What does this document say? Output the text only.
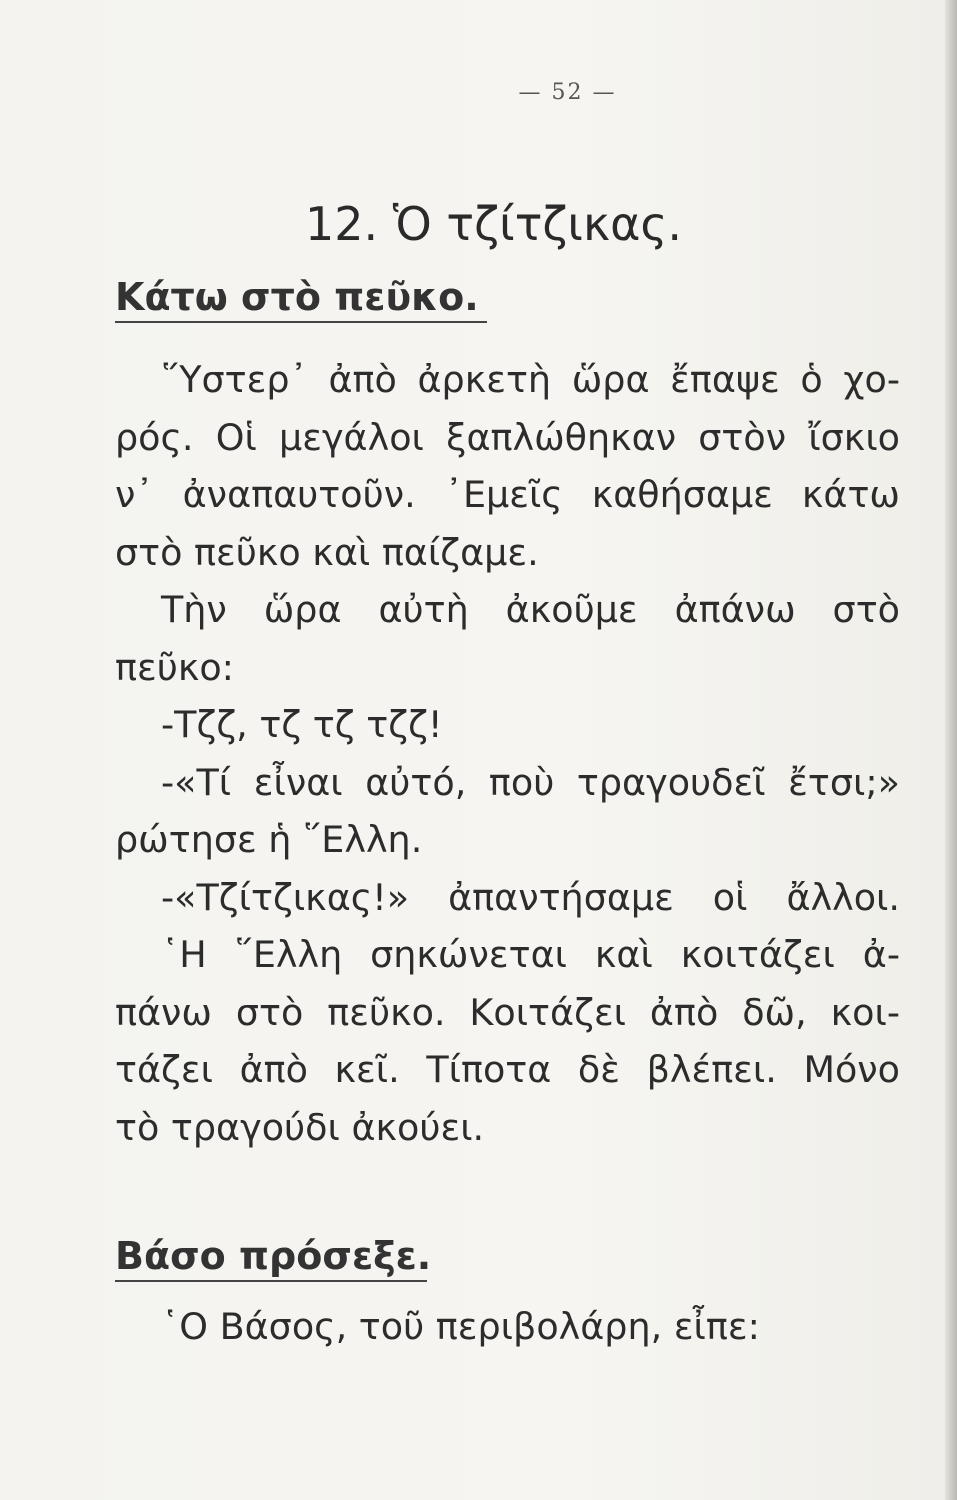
— 52 —
12. Ὁ τζίτζικας.
Κάτω στὸ πεῦκο.
῞Υστερ᾿ ἀπὸ ἀρκετὴ ὥρα ἔπαψε ὁ χο-
ρός. Οἱ μεγάλοι ξαπλώθηκαν στὸν ἴσκιο
ν᾿ ἀναπαυτοῦν. ᾿Εμεῖς καθήσαμε κάτω
στὸ πεῦκο καὶ παίζαμε.
Τὴν ὥρα αὐτὴ ἀκοῦμε ἀπάνω στὸ
πεῦκο:
-Τζζ, τζ τζ τζζ!
-«Τί εἶναι αὐτό, ποὺ τραγουδεῖ ἔτσι;»
ρώτησε ἡ ῞Ελλη.
-«Τζίτζικας!» ἀπαντήσαμε οἱ ἄλλοι.
῾Η ῞Ελλη σηκώνεται καὶ κοιτάζει ἀ-
πάνω στὸ πεῦκο. Κοιτάζει ἀπὸ δῶ, κοι-
τάζει ἀπὸ κεῖ. Τίποτα δὲ βλέπει. Μόνο
τὸ τραγούδι ἀκούει.
Βάσο πρόσεξε.
῾Ο Βάσος, τοῦ περιβολάρη, εἶπε:
